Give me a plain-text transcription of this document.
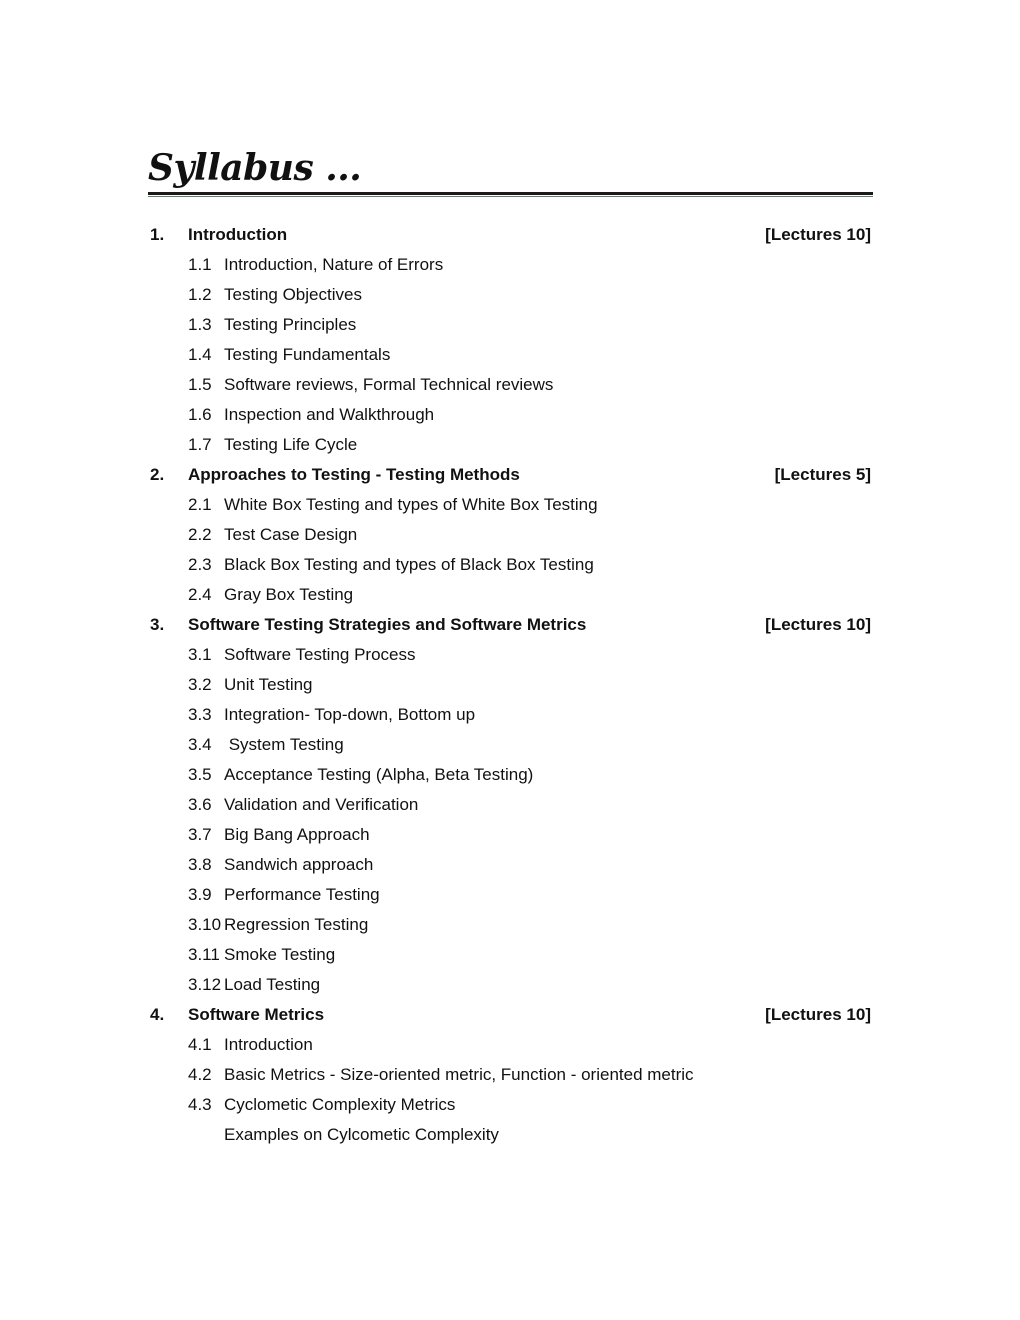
Syllabus ...
1. Introduction	[Lectures 10]
1.1 Introduction, Nature of Errors
1.2 Testing Objectives
1.3 Testing Principles
1.4 Testing Fundamentals
1.5 Software reviews, Formal Technical reviews
1.6 Inspection and Walkthrough
1.7 Testing Life Cycle
2. Approaches to Testing - Testing Methods	[Lectures 5]
2.1 White Box Testing and types of White Box Testing
2.2 Test Case Design
2.3 Black Box Testing and types of Black Box Testing
2.4 Gray Box Testing
3. Software Testing Strategies and Software Metrics	[Lectures 10]
3.1 Software Testing Process
3.2 Unit Testing
3.3 Integration- Top-down, Bottom up
3.4 System Testing
3.5 Acceptance Testing (Alpha, Beta Testing)
3.6 Validation and Verification
3.7 Big Bang Approach
3.8 Sandwich approach
3.9 Performance Testing
3.10 Regression Testing
3.11 Smoke Testing
3.12 Load Testing
4. Software Metrics	[Lectures 10]
4.1 Introduction
4.2 Basic Metrics - Size-oriented metric, Function - oriented metric
4.3 Cyclometic Complexity Metrics
Examples on Cylcometic Complexity
